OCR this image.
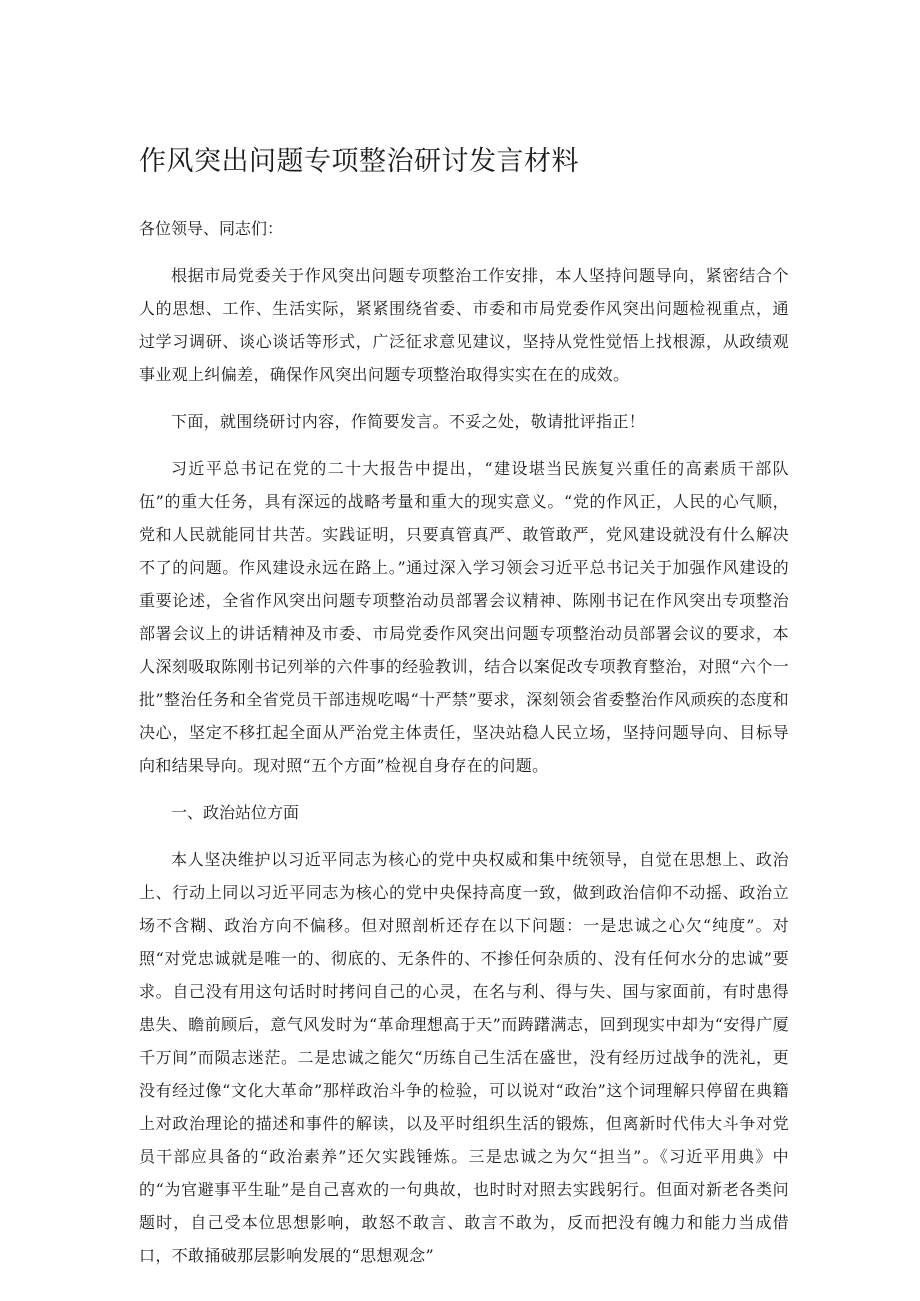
作风突出问题专项整治研讨发言材料

各位领导、同志们：

根据市局党委关于作风突出问题专项整治工作安排，本人坚持问题导向，紧密结合个人的思想、工作、生活实际，紧紧围绕省委、市委和市局党委作风突出问题检视重点，通过学习调研、谈心谈话等形式，广泛征求意见建议，坚持从党性觉悟上找根源，从政绩观事业观上纠偏差，确保作风突出问题专项整治取得实实在在的成效。

下面，就围绕研讨内容，作简要发言。不妥之处，敬请批评指正！

习近平总书记在党的二十大报告中提出，“建设堪当民族复兴重任的高素质干部队伍”的重大任务，具有深远的战略考量和重大的现实意义。“党的作风正，人民的心气顺，党和人民就能同甘共苦。实践证明，只要真管真严、敢管敢严，党风建设就没有什么解决不了的问题。作风建设永远在路上。”通过深入学习领会习近平总书记关于加强作风建设的重要论述，全省作风突出问题专项整治动员部署会议精神、陈刚书记在作风突出专项整治部署会议上的讲话精神及市委、市局党委作风突出问题专项整治动员部署会议的要求，本人深刻吸取陈刚书记列举的六件事的经验教训，结合以案促改专项教育整治，对照“六个一批”整治任务和全省党员干部违规吃喝“十严禁”要求，深刻领会省委整治作风顽疾的态度和决心，坚定不移扛起全面从严治党主体责任，坚决站稳人民立场，坚持问题导向、目标导向和结果导向。现对照“五个方面”检视自身存在的问题。

一、政治站位方面

本人坚决维护以习近平同志为核心的党中央权威和集中统领导，自觉在思想上、政治上、行动上同以习近平同志为核心的党中央保持高度一致，做到政治信仰不动摇、政治立场不含糊、政治方向不偏移。但对照剖析还存在以下问题：一是忠诚之心欠“纯度”。对照“对党忠诚就是唯一的、彻底的、无条件的、不掺任何杂质的、没有任何水分的忠诚”要求。自己没有用这句话时时拷问自己的心灵，在名与利、得与失、国与家面前，有时患得患失、瞻前顾后，意气风发时为“革命理想高于天”而踌躇满志，回到现实中却为“安得广厦千万间”而陨志迷茫。二是忠诚之能欠“历练自己生活在盛世，没有经历过战争的洗礼，更没有经过像“文化大革命”那样政治斗争的检验，可以说对“政治”这个词理解只停留在典籍上对政治理论的描述和事件的解读，以及平时组织生活的锻炼，但离新时代伟大斗争对党员干部应具备的“政治素养”还欠实践锤炼。三是忠诚之为欠“担当”。《习近平用典》中的“为官避事平生耻”是自己喜欢的一句典故，也时时对照去实践躬行。但面对新老各类问题时，自己受本位思想影响，敢怒不敢言、敢言不敢为，反而把没有魄力和能力当成借口，不敢捅破那层影响发展的“思想观念”
